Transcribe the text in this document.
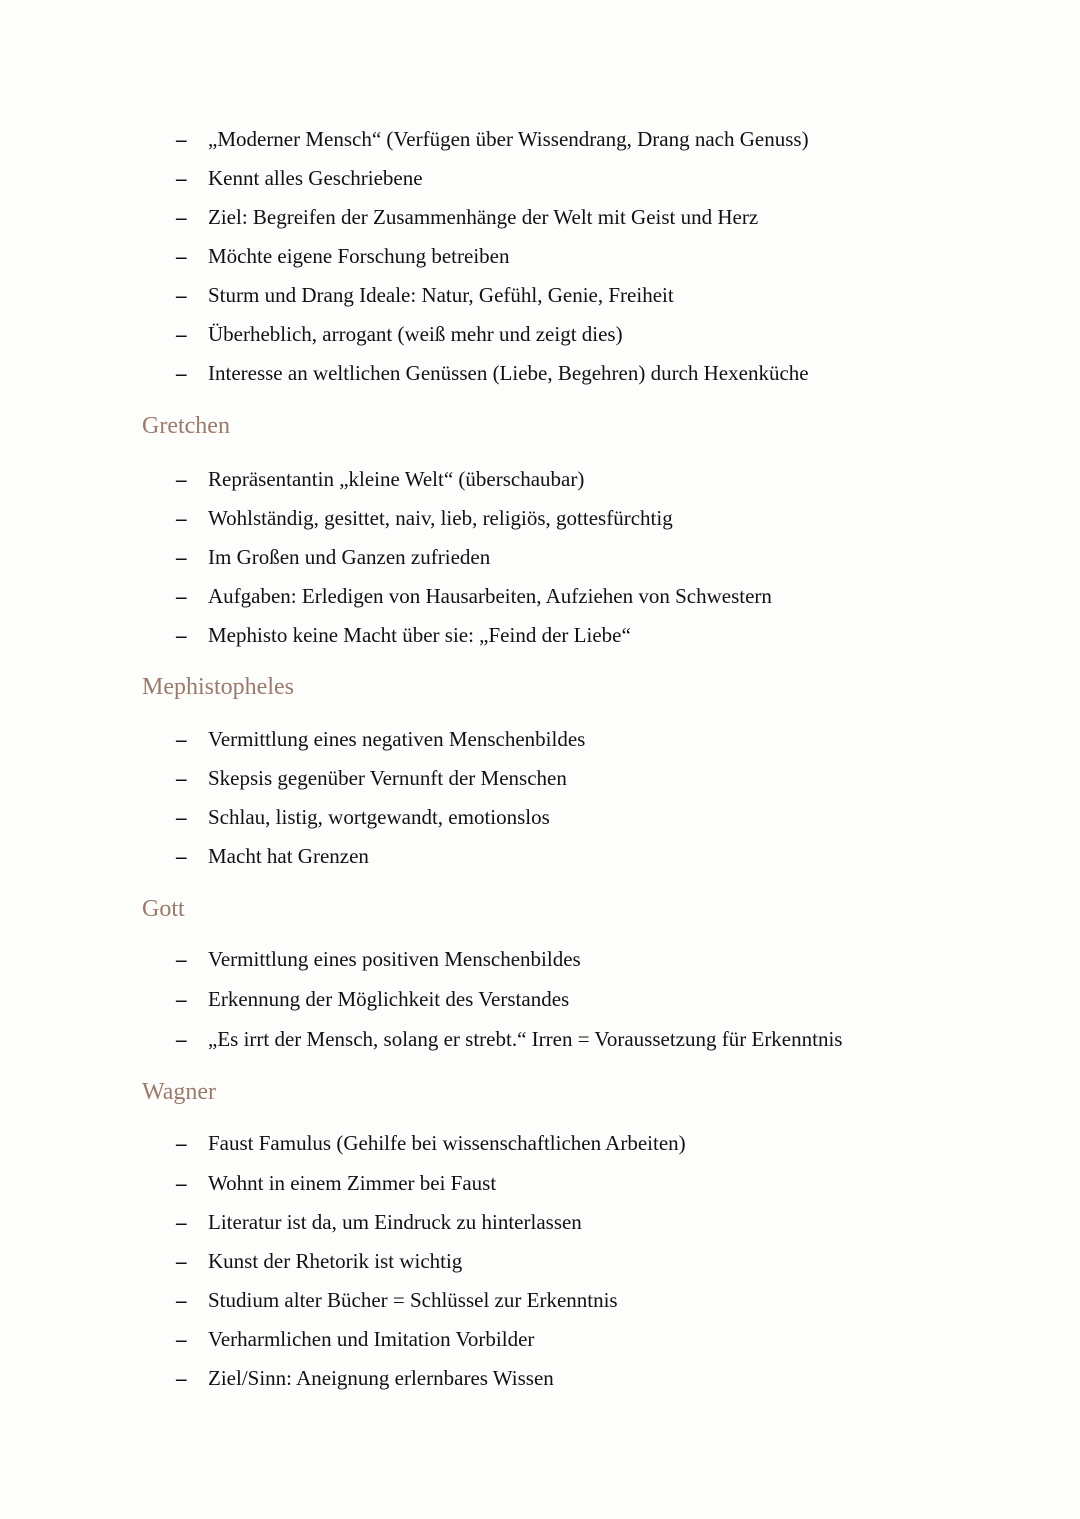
– „Moderner Mensch“ (Verfügen über Wissendrang, Drang nach Genuss)
– Kennt alles Geschriebene
– Ziel: Begreifen der Zusammenhänge der Welt mit Geist und Herz
– Möchte eigene Forschung betreiben
– Sturm und Drang Ideale: Natur, Gefühl, Genie, Freiheit
– Überheblich, arrogant (weiß mehr und zeigt dies)
– Interesse an weltlichen Genüssen (Liebe, Begehren) durch Hexenküche
Gretchen
– Repräsentantin „kleine Welt“ (überschaubar)
– Wohlständig, gesittet, naiv, lieb, religiös, gottesfürchtig
– Im Großen und Ganzen zufrieden
– Aufgaben: Erledigen von Hausarbeiten, Aufziehen von Schwestern
– Mephisto keine Macht über sie: „Feind der Liebe“
Mephistopheles
– Vermittlung eines negativen Menschenbildes
– Skepsis gegenüber Vernunft der Menschen
– Schlau, listig, wortgewandt, emotionslos
– Macht hat Grenzen
Gott
– Vermittlung eines positiven Menschenbildes
– Erkennung der Möglichkeit des Verstandes
– „Es irrt der Mensch, solang er strebt.“ Irren = Voraussetzung für Erkenntnis
Wagner
– Faust Famulus (Gehilfe bei wissenschaftlichen Arbeiten)
– Wohnt in einem Zimmer bei Faust
– Literatur ist da, um Eindruck zu hinterlassen
– Kunst der Rhetorik ist wichtig
– Studium alter Bücher = Schlüssel zur Erkenntnis
– Verharmlichen und Imitation Vorbilder
– Ziel/Sinn: Aneignung erlernbares Wissen
